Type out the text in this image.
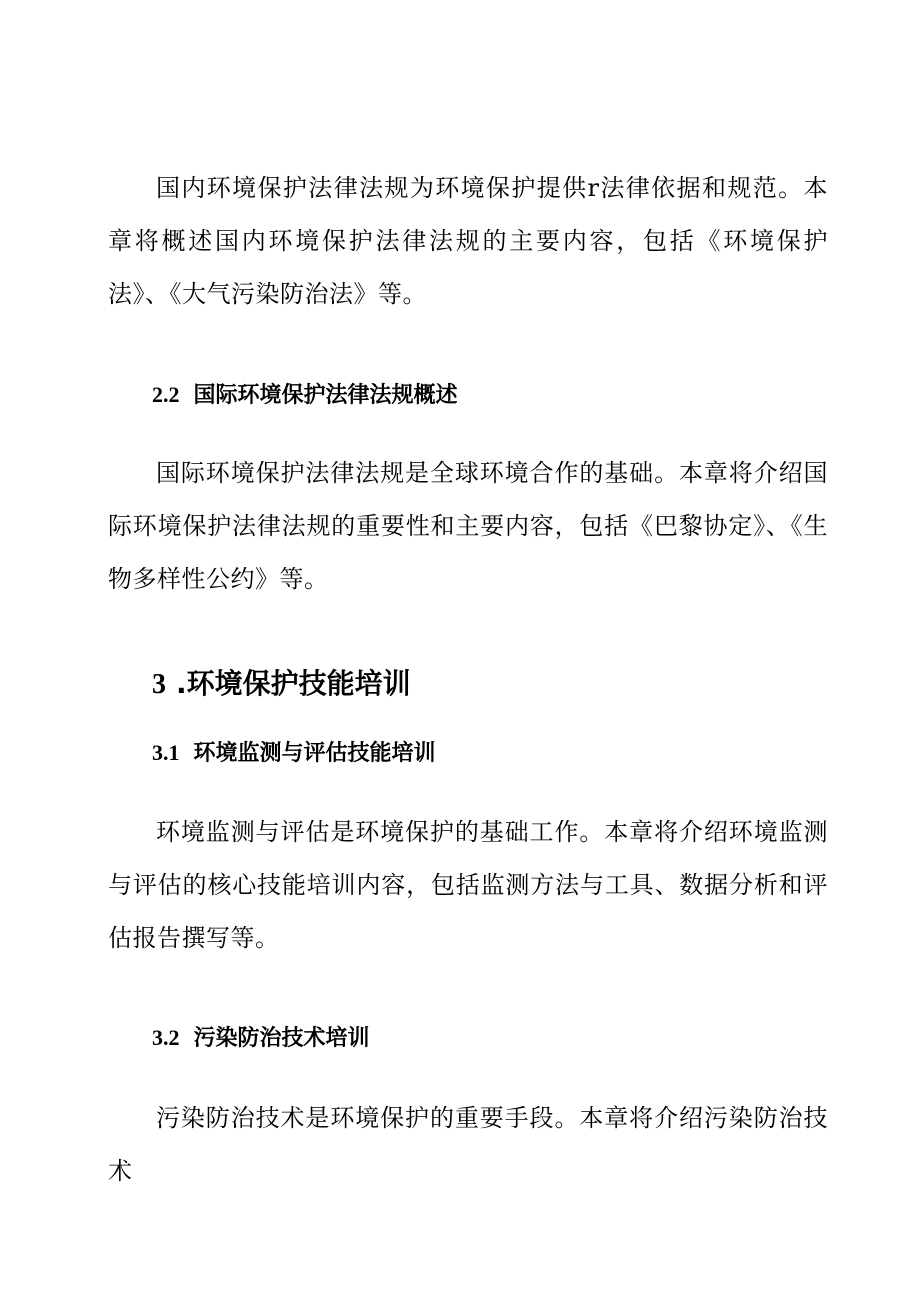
国内环境保护法律法规为环境保护提供r法律依据和规范。本章将概述国内环境保护法律法规的主要内容，包括《环境保护法》、《大气污染防治法》等。

2.2 国际环境保护法律法规概述

国际环境保护法律法规是全球环境合作的基础。本章将介绍国际环境保护法律法规的重要性和主要内容，包括《巴黎协定》、《生物多样性公约》等。

3 .环境保护技能培训
3.1 环境监测与评估技能培训

环境监测与评估是环境保护的基础工作。本章将介绍环境监测与评估的核心技能培训内容，包括监测方法与工具、数据分析和评估报告撰写等。

3.2 污染防治技术培训

污染防治技术是环境保护的重要手段。本章将介绍污染防治技术
